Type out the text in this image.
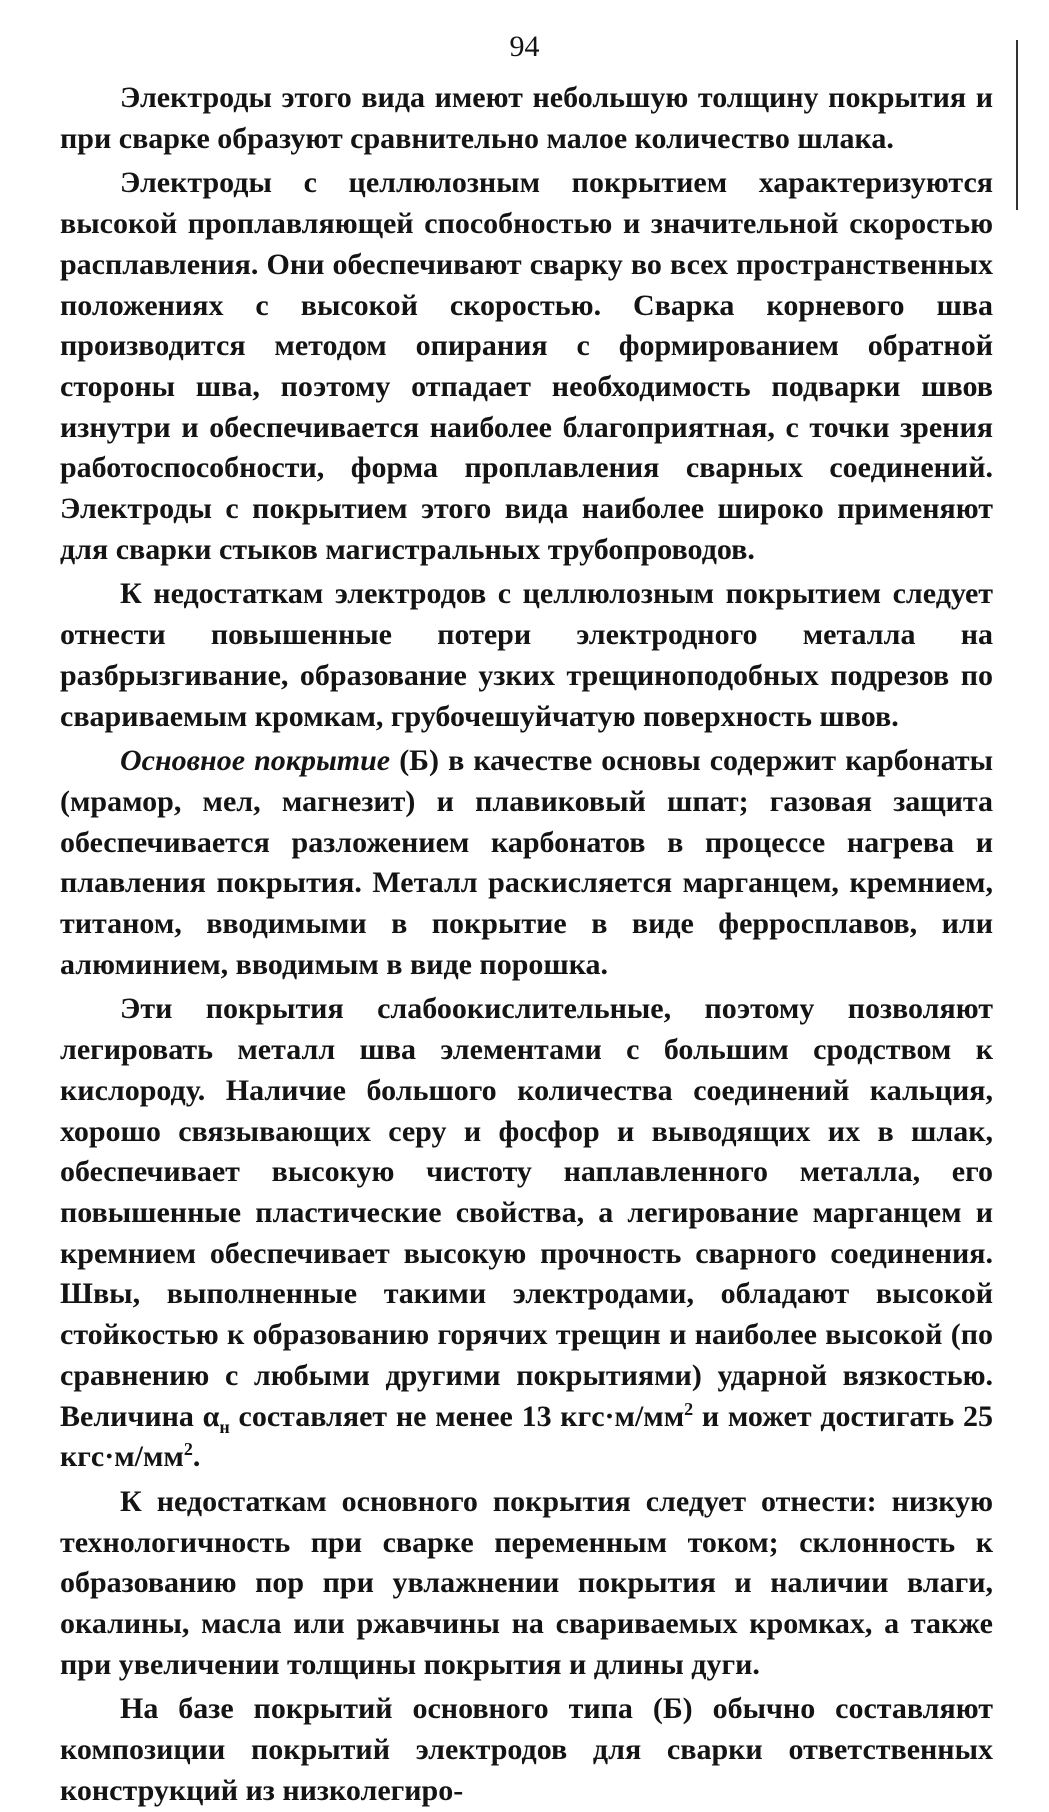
94

Электроды этого вида имеют небольшую толщину покрытия и при сварке образуют сравнительно малое количество шлака.

Электроды с целлюлозным покрытием характеризуются высокой проплавляющей способностью и значительной скоростью расплавления. Они обеспечивают сварку во всех пространственных положениях с высокой скоростью. Сварка корневого шва производится методом опирания с формированием обратной стороны шва, поэтому отпадает необходимость подварки швов изнутри и обеспечивается наиболее благоприятная, с точки зрения работоспособности, форма проплавления сварных соединений. Электроды с покрытием этого вида наиболее широко применяют для сварки стыков магистральных трубопроводов.

К недостаткам электродов с целлюлозным покрытием следует отнести повышенные потери электродного металла на разбрызгивание, образование узких трещиноподобных подрезов по свариваемым кромкам, грубочешуйчатую поверхность швов.

Основное покрытие (Б) в качестве основы содержит карбонаты (мрамор, мел, магнезит) и плавиковый шпат; газовая защита обеспечивается разложением карбонатов в процессе нагрева и плавления покрытия. Металл раскисляется марганцем, кремнием, титаном, вводимыми в покрытие в виде ферросплавов, или алюминием, вводимым в виде порошка.

Эти покрытия слабоокислительные, поэтому позволяют легировать металл шва элементами с большим сродством к кислороду. Наличие большого количества соединений кальция, хорошо связывающих серу и фосфор и выводящих их в шлак, обеспечивает высокую чистоту наплавленного металла, его повышенные пластические свойства, а легирование марганцем и кремнием обеспечивает высокую прочность сварного соединения. Швы, выполненные такими электродами, обладают высокой стойкостью к образованию горячих трещин и наиболее высокой (по сравнению с любыми другими покрытиями) ударной вязкостью. Величина $\alpha_н$ составляет не менее 13 $кгс\cdot м/мм^2$ и может достигать 25 $кгс\cdot м/мм^2$.

К недостаткам основного покрытия следует отнести: низкую технологичность при сварке переменным током; склонность к образованию пор при увлажнении покрытия и наличии влаги, окалины, масла или ржавчины на свариваемых кромках, а также при увеличении толщины покрытия и длины дуги.

На базе покрытий основного типа (Б) обычно составляют композиции покрытий электродов для сварки ответственных конструкций из низколегиро-
